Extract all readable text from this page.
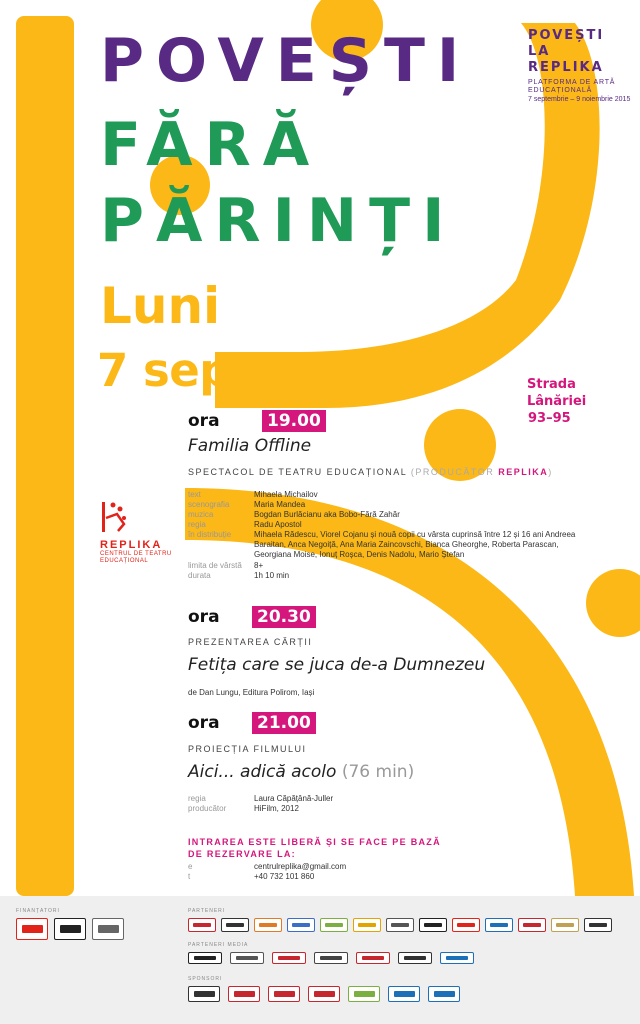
POVEȘTI
FĂRĂ
PĂRINȚI
Luni
7 septembrie
POVEȘTI
LA
REPLIKA
PLATFORMA DE ARTĂ
EDUCAȚIONALĂ
7 septembrie – 9 noiembrie 2015
Strada Lânăriei
93–95
REPLIKA
CENTRUL DE TEATRU
EDUCAȚIONAL
ora	19.00
Familia Offline
SPECTACOL DE TEATRU EDUCAȚIONAL (PRODUCĂTOR REPLIKA)
text	Mihaela Michailov
scenografia	Maria Mandea
muzica	Bogdan Burlăcianu aka Bobo-Fără Zahăr
regia	Radu Apostol
în distribuție	Mihaela Rădescu, Viorel Cojanu și nouă copii cu vârsta cuprinsă între 12 și 16 ani Andreea Baraitan, Anca Negoiță, Ana Maria Zaincovschi, Bianca Gheorghe, Roberta Parascan, Georgiana Moise, Ionuț Roșca, Denis Nadolu, Mario Ștefan
limita de vârstă	8+
durata	1h 10 min
ora 20.30
PREZENTAREA CĂRȚII
Fetița care se juca de-a Dumnezeu
de Dan Lungu, Editura Polirom, Iași
ora 21.00
PROIECȚIA FILMULUI
Aici... adică acolo (76 min)
regia	Laura Căpățână-Juller
producător	HiFilm, 2012
INTRAREA ESTE LIBERĂ ȘI SE FACE PE BAZĂ
DE REZERVARE LA:
e	centrulreplika@gmail.com
t	+40 732 101 860
FINANȚATORI	PARTENERI
PARTENERI MEDIA
SPONSORI
